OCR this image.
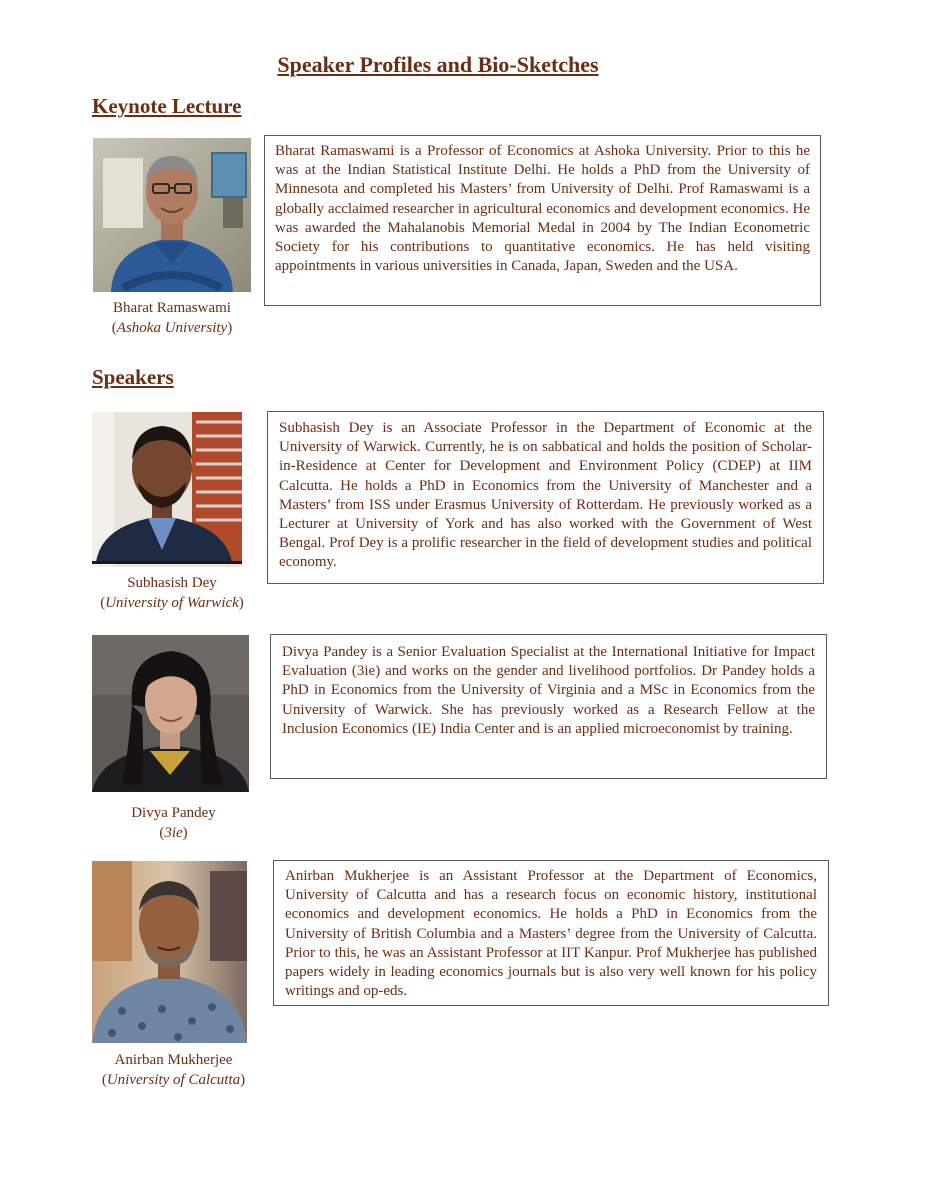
Speaker Profiles and Bio-Sketches
Keynote Lecture
Bharat Ramaswami
(Ashoka University)
Bharat Ramaswami is a Professor of Economics at Ashoka University. Prior to this he was at the Indian Statistical Institute Delhi. He holds a PhD from the University of Minnesota and completed his Masters’ from University of Delhi. Prof Ramaswami is a globally acclaimed researcher in agricultural economics and development economics. He was awarded the Mahalanobis Memorial Medal in 2004 by The Indian Econometric Society for his contributions to quantitative economics. He has held visiting appointments in various universities in Canada, Japan, Sweden and the USA.
Speakers
Subhasish Dey
(University of Warwick)
Subhasish Dey is an Associate Professor in the Department of Economic at the University of Warwick. Currently, he is on sabbatical and holds the position of Scholar-in-Residence at Center for Development and Environment Policy (CDEP) at IIM Calcutta. He holds a PhD in Economics from the University of Manchester and a Masters’ from ISS under Erasmus University of Rotterdam. He previously worked as a Lecturer at University of York and has also worked with the Government of West Bengal. Prof Dey is a prolific researcher in the field of development studies and political economy.
Divya Pandey
(3ie)
Divya Pandey is a Senior Evaluation Specialist at the International Initiative for Impact Evaluation (3ie) and works on the gender and livelihood portfolios. Dr Pandey holds a PhD in Economics from the University of Virginia and a MSc in Economics from the University of Warwick. She has previously worked as a Research Fellow at the Inclusion Economics (IE) India Center and is an applied microeconomist by training.
Anirban Mukherjee
(University of Calcutta)
Anirban Mukherjee is an Assistant Professor at the Department of Economics, University of Calcutta and has a research focus on economic history, institutional economics and development economics. He holds a PhD in Economics from the University of British Columbia and a Masters’ degree from the University of Calcutta. Prior to this, he was an Assistant Professor at IIT Kanpur. Prof Mukherjee has published papers widely in leading economics journals but is also very well known for his policy writings and op-eds.
